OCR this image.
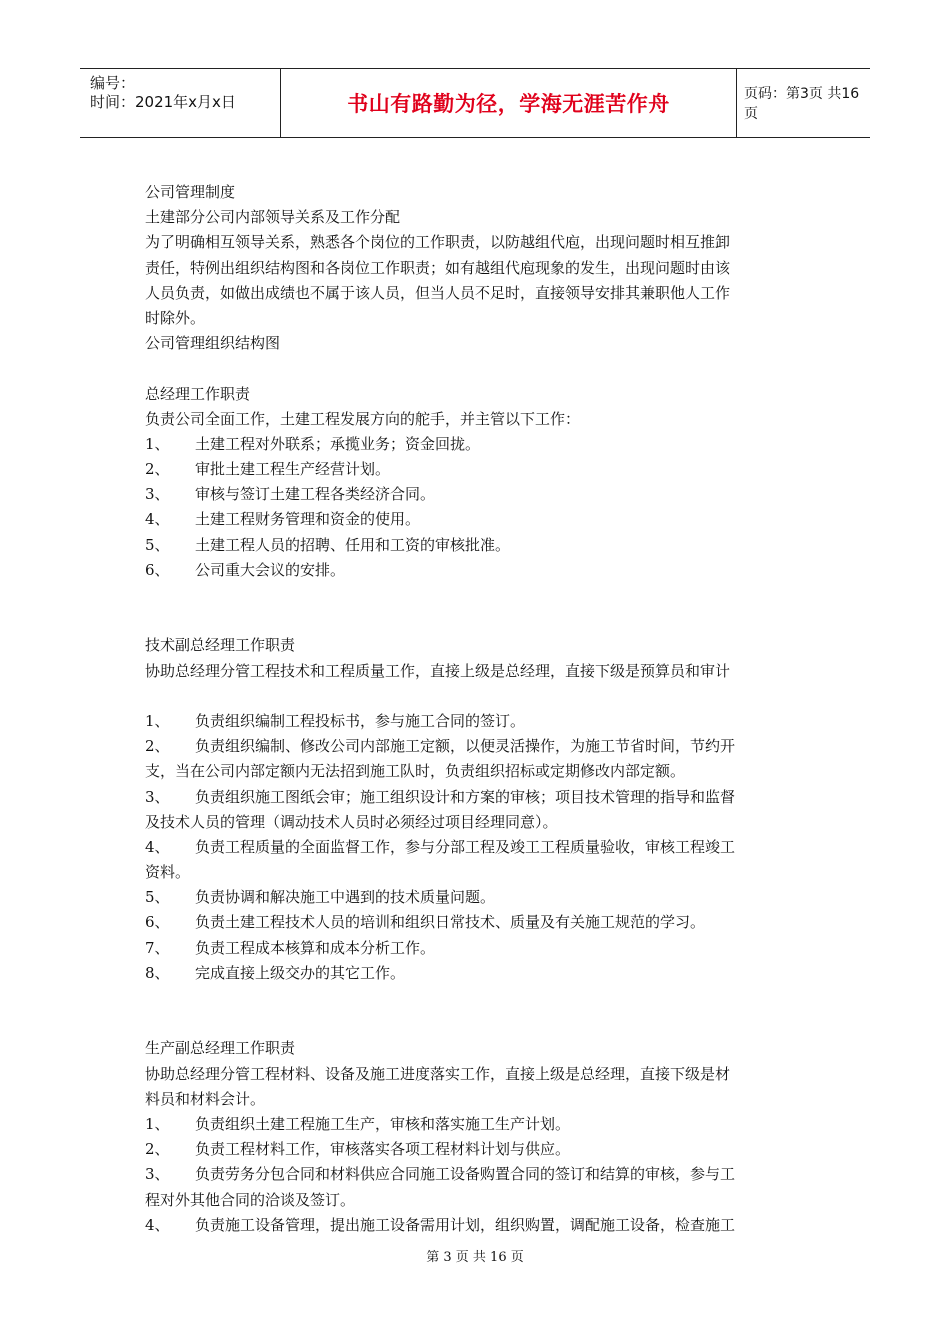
编号：
时间：2021年x月x日	书山有路勤为径，学海无涯苦作舟	页码：第3页 共16页
公司管理制度
土建部分公司内部领导关系及工作分配
为了明确相互领导关系，熟悉各个岗位的工作职责，以防越组代庖，出现问题时相互推卸
责任，特例出组织结构图和各岗位工作职责；如有越组代庖现象的发生，出现问题时由该
人员负责，如做出成绩也不属于该人员，但当人员不足时，直接领导安排其兼职他人工作
时除外。
公司管理组织结构图
总经理工作职责
负责公司全面工作，土建工程发展方向的舵手，并主管以下工作：
1、 土建工程对外联系；承揽业务；资金回拢。
2、 审批土建工程生产经营计划。
3、 审核与签订土建工程各类经济合同。
4、 土建工程财务管理和资金的使用。
5、 土建工程人员的招聘、任用和工资的审核批准。
6、 公司重大会议的安排。
技术副总经理工作职责
协助总经理分管工程技术和工程质量工作，直接上级是总经理，直接下级是预算员和审计
1、 负责组织编制工程投标书，参与施工合同的签订。
2、 负责组织编制、修改公司内部施工定额，以便灵活操作，为施工节省时间，节约开
支，当在公司内部定额内无法招到施工队时，负责组织招标或定期修改内部定额。
3、 负责组织施工图纸会审；施工组织设计和方案的审核；项目技术管理的指导和监督
及技术人员的管理（调动技术人员时必须经过项目经理同意）。
4、 负责工程质量的全面监督工作，参与分部工程及竣工工程质量验收，审核工程竣工
资料。
5、 负责协调和解决施工中遇到的技术质量问题。
6、 负责土建工程技术人员的培训和组织日常技术、质量及有关施工规范的学习。
7、 负责工程成本核算和成本分析工作。
8、 完成直接上级交办的其它工作。
生产副总经理工作职责
协助总经理分管工程材料、设备及施工进度落实工作，直接上级是总经理，直接下级是材
料员和材料会计。
1、 负责组织土建工程施工生产，审核和落实施工生产计划。
2、 负责工程材料工作，审核落实各项工程材料计划与供应。
3、 负责劳务分包合同和材料供应合同施工设备购置合同的签订和结算的审核，参与工
程对外其他合同的洽谈及签订。
4、 负责施工设备管理，提出施工设备需用计划，组织购置，调配施工设备，检查施工
第 3 页 共 16 页
